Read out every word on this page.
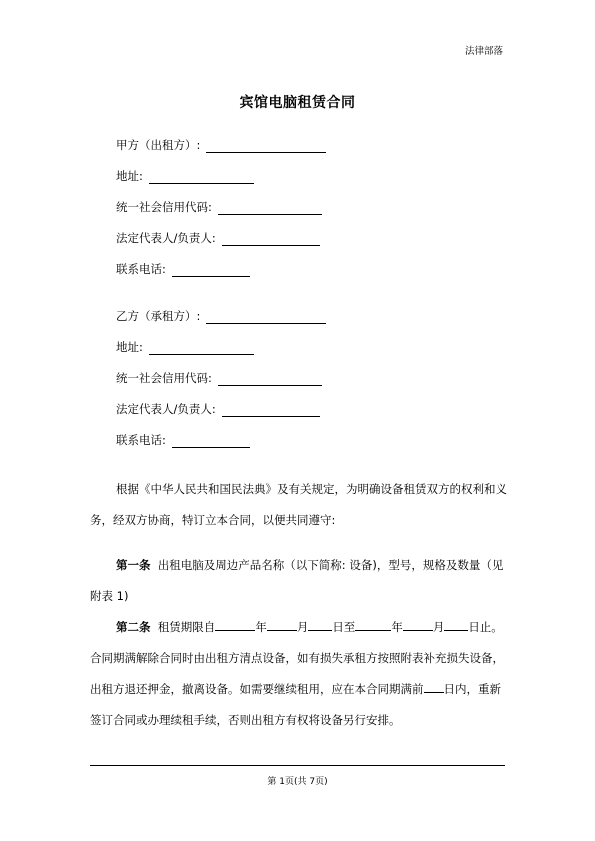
法律部落
宾馆电脑租赁合同
甲方（出租方）:
地址:
统一社会信用代码:
法定代表人/负责人:
联系电话:
乙方（承租方）:
地址:
统一社会信用代码:
法定代表人/负责人:
联系电话:

根据《中华人民共和国民法典》及有关规定，为明确设备租赁双方的权利和义务，经双方协商，特订立本合同，以便共同遵守:

第一条 出租电脑及周边产品名称（以下简称: 设备)，型号，规格及数量（见附表 1)

第二条 租赁期限自	年	月 日至	年	月 日止。合同期满解除合同时由出租方清点设备，如有损失承租方按照附表补充损失设备，出租方退还押金，撤离设备。如需要继续租用，应在本合同期满前 日内，重新签订合同或办理续租手续，否则出租方有权将设备另行安排。

第 1页(共 7页)
